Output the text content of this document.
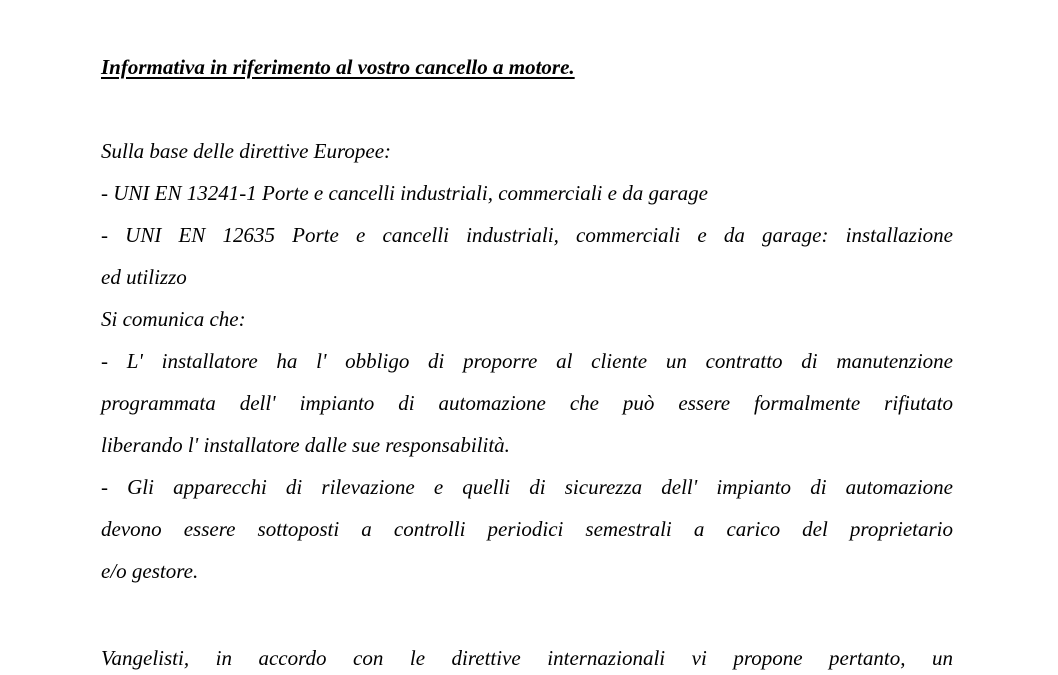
Informativa in riferimento al vostro cancello a motore.
Sulla base delle direttive Europee:
- UNI EN 13241-1 Porte e cancelli industriali, commerciali e da garage
- UNI EN 12635 Porte e cancelli industriali, commerciali e da garage: installazione
ed utilizzo
Si comunica che:
- L' installatore ha l' obbligo di proporre al cliente un contratto di manutenzione
programmata dell' impianto di automazione che può essere formalmente rifiutato
liberando l' installatore dalle sue responsabilità.
- Gli apparecchi di rilevazione e quelli di sicurezza dell' impianto di automazione
devono essere sottoposti a controlli periodici semestrali a carico del proprietario
e/o gestore.
Vangelisti, in accordo con le direttive internazionali vi propone pertanto, un
